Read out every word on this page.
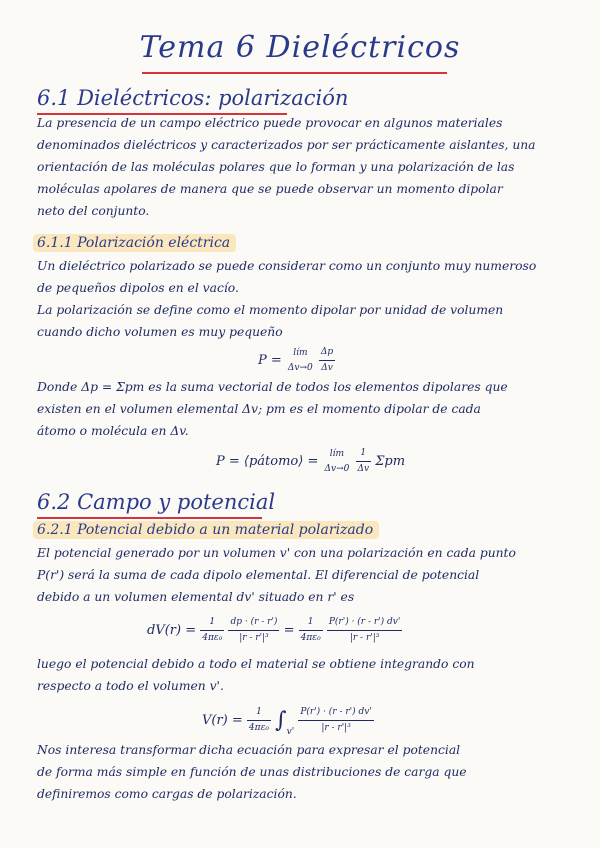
Tema 6 Dieléctricos
6.1 Dieléctricos: polarización
La presencia de un campo eléctrico puede provocar en algunos materiales
denominados dieléctricos y caracterizados por ser prácticamente aislantes, una
orientación de las moléculas polares que lo forman y una polarización de las
moléculas apolares de manera que se puede observar un momento dipolar
neto del conjunto.
6.1.1 Polarización eléctrica
Un dieléctrico polarizado se puede considerar como un conjunto muy numeroso
de pequeños dipolos en el vacío.
La polarización se define como el momento dipolar por unidad de volumen
cuando dicho volumen es muy pequeño
P =
lím
Δv→0
$\frac{\Delta p}{\Delta v}$
Donde Δp = Σpm es la suma vectorial de todos los elementos dipolares que
existen en el volumen elemental Δv; pm es el momento dipolar de cada
átomo o molécula en Δv.
P = ⟨pátomo⟩ =
lím
Δv→0
$\frac{1}{\Delta v}$ Σpm
6.2 Campo y potencial
6.2.1 Potencial debido a un material polarizado
El potencial generado por un volumen v' con una polarización en cada punto
P(r') será la suma de cada dipolo elemental. El diferencial de potencial
debido a un volumen elemental dv' situado en r' es
$dV(r) = \frac{1}{\text{4πε₀}}$
$\frac{dp \cdot (r - r')}{\text{|r - r'|³}} = \frac{1}{\text{4πε₀}}$
$\frac{P(r') \cdot (r - r') dv'}{\text{|r - r'|³}}$
luego el potencial debido a todo el material se obtiene integrando con
respecto a todo el volumen v'.
$V(r) = \frac{1}{\text{4πε₀}} \int_{v'} \frac{P(r') \cdot (r - r') dv'}{\text{|r - r'|³}}$
Nos interesa transformar dicha ecuación para expresar el potencial
de forma más simple en función de unas distribuciones de carga que
definiremos como cargas de polarización.
